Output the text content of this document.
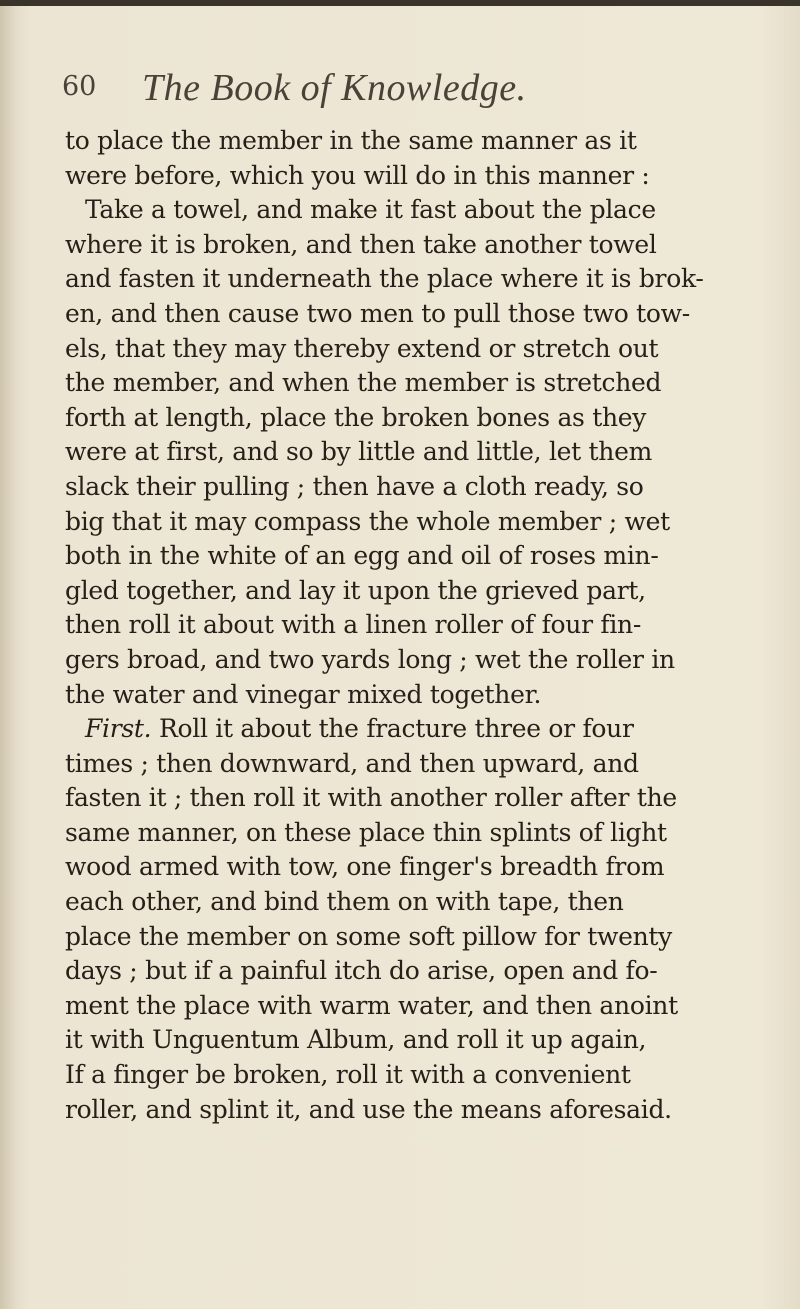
60 The Book of Knowledge.
to place the member in the same manner as it
were before, which you will do in this manner :
Take a towel, and make it fast about the place
where it is broken, and then take another towel
and fasten it underneath the place where it is brok-
en, and then cause two men to pull those two tow-
els, that they may thereby extend or stretch out
the member, and when the member is stretched
forth at length, place the broken bones as they
were at first, and so by little and little, let them
slack their pulling ; then have a cloth ready, so
big that it may compass the whole member ; wet
both in the white of an egg and oil of roses min-
gled together, and lay it upon the grieved part,
then roll it about with a linen roller of four fin-
gers broad, and two yards long ; wet the roller in
the water and vinegar mixed together.
First. Roll it about the fracture three or four
times ; then downward, and then upward, and
fasten it ; then roll it with another roller after the
same manner, on these place thin splints of light
wood armed with tow, one finger's breadth from
each other, and bind them on with tape, then
place the member on some soft pillow for twenty
days ; but if a painful itch do arise, open and fo-
ment the place with warm water, and then anoint
it with Unguentum Album, and roll it up again,
If a finger be broken, roll it with a convenient
roller, and splint it, and use the means aforesaid.
